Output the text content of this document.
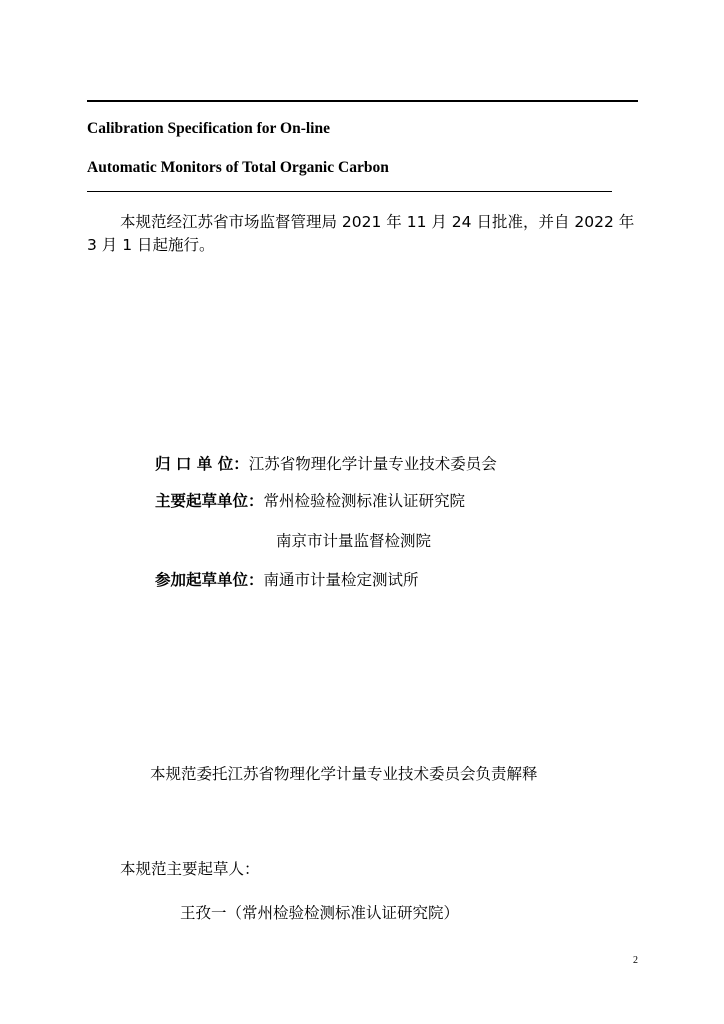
Calibration Specification for On-line
Automatic Monitors of Total Organic Carbon
本规范经江苏省市场监督管理局 2021 年 11 月 24 日批准，并自 2022 年 3 月 1 日起施行。
归 口 单 位：江苏省物理化学计量专业技术委员会
主要起草单位：常州检验检测标准认证研究院
南京市计量监督检测院
参加起草单位：南通市计量检定测试所
本规范委托江苏省物理化学计量专业技术委员会负责解释
本规范主要起草人：
王孜一（常州检验检测标准认证研究院）
2
